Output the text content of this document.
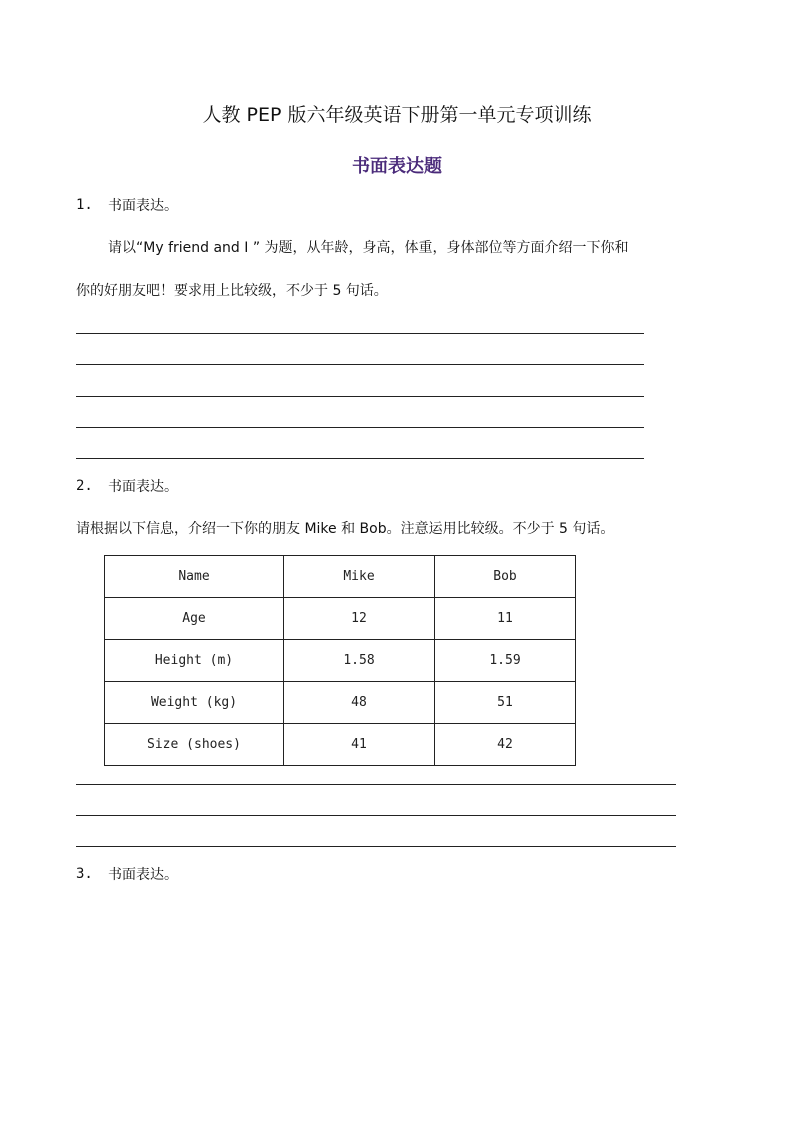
人教 PEP 版六年级英语下册第一单元专项训练
书面表达题
1. 书面表达。
请以“My friend and I ” 为题，从年龄，身高，体重，身体部位等方面介绍一下你和
你的好朋友吧！要求用上比较级，不少于 5 句话。
2. 书面表达。
请根据以下信息，介绍一下你的朋友 Mike 和 Bob。注意运用比较级。不少于 5 句话。
Name	Mike	Bob
Age	12	11
Height (m)	1.58	1.59
Weight (kg)	48	51
Size (shoes)	41	42
3. 书面表达。
